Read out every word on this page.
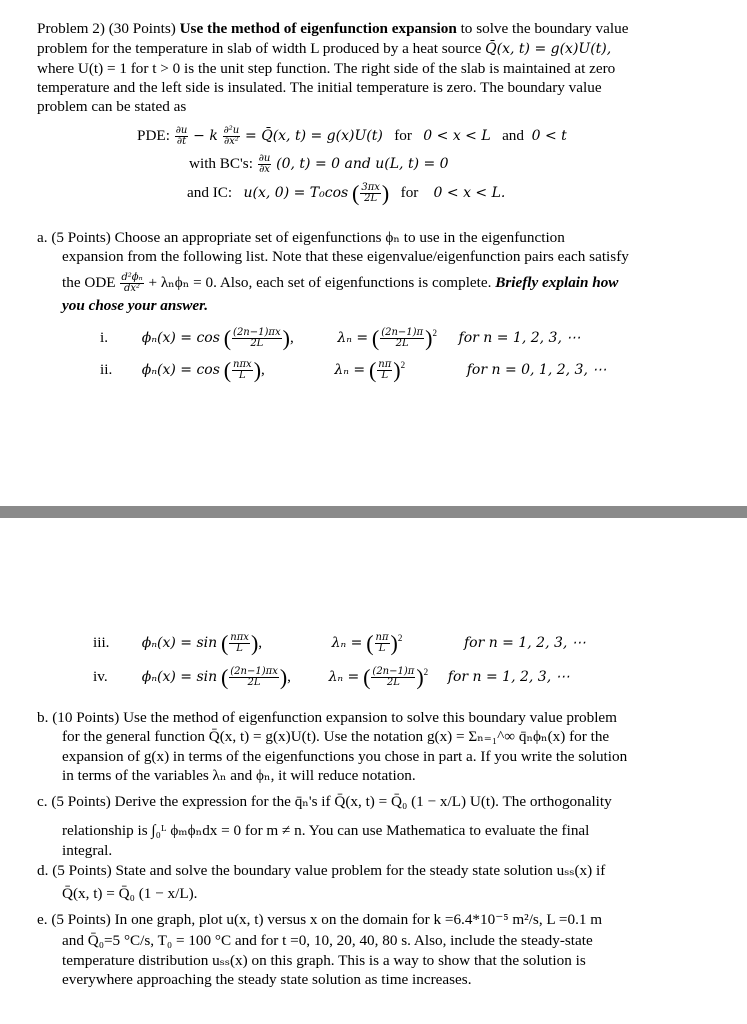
Problem 2) (30 Points) Use the method of eigenfunction expansion to solve the boundary value
problem for the temperature in slab of width L produced by a heat source Q̄(x, t) = g(x)U(t),
where U(t) = 1 for t > 0 is the unit step function. The right side of the slab is maintained at zero
temperature and the left side is insulated. The initial temperature is zero. The boundary value
problem can be stated as
PDE: $\frac{\partial u}{\partial t} - k \frac{\text{∂²u}}{\text{∂x²}}$ = Q̄(x, t) = g(x)U(t) for 0 < x < L and 0 < t
with BC's: $\frac{\partial u}{\partial x} (0$, t) = 0 and u(L, t) = 0
and IC: u(x, 0) = T₀cos ( $\frac{3\pi x}{2L}$ ) for 0 < x < L.
a. (5 Points) Choose an appropriate set of eigenfunctions ϕₙ to use in the eigenfunction
expansion from the following list. Note that these eigenvalue/eigenfunction pairs each satisfy
the ODE $\frac{\text{d²ϕₙ}}{\text{dx²}} + \lambda_n\phi_n = 0$. Also, each set of eigenfunctions is complete. Briefly explain how
you chose your answer.
i. ϕₙ(x) = cos ( $\frac{(2n-1)\pi x}{2L}$ ),	λₙ = ( $\frac{(2n-1)\pi}{2L} )^2$ for n = 1, 2, 3, ⋯
ii. ϕₙ(x) = cos ( $\frac{\text{nπx}}{L}$ ),	λₙ = ( $\frac{n\pi}{L} )^2$	for n = 0, 1, 2, 3, ⋯
iii. ϕₙ(x) = sin ( $\frac{\text{nπx}}{L}$ ),	λₙ = ( $\frac{n\pi}{L} )^2$	for n = 1, 2, 3, ⋯
iv. ϕₙ(x) = sin ( $\frac{(2n-1)\pi x}{2L}$ ),  λₙ = ( $\frac{(2n-1)\pi}{2L} )^2$ for n = 1, 2, 3, ⋯
b. (10 Points) Use the method of eigenfunction expansion to solve this boundary value problem
for the general function Q̄(x, t) = g(x)U(t). Use the notation g(x) = Σₙ₌₁^∞ q̄ₙϕₙ(x) for the
expansion of g(x) in terms of the eigenfunctions you chose in part a. If you write the solution
in terms of the variables λₙ and ϕₙ, it will reduce notation.
c. (5 Points) Derive the expression for the q̄ₙ's if Q̄(x, t) = Q̄₀ (1 − x/L) U(t). The orthogonality
relationship is ∫₀ᴸ ϕₘϕₙdx = 0 for m ≠ n. You can use Mathematica to evaluate the final
integral.
d. (5 Points) State and solve the boundary value problem for the steady state solution uₛₛ(x) if
Q̄(x, t) = Q̄₀ (1 − x/L).
e. (5 Points) In one graph, plot u(x, t) versus x on the domain for k =6.4*10⁻⁵ m²/s, L =0.1 m
and Q̄₀=5 °C/s, T₀ = 100 °C and for t =0, 10, 20, 40, 80 s. Also, include the steady-state
temperature distribution uₛₛ(x) on this graph. This is a way to show that the solution is
everywhere approaching the steady state solution as time increases.
